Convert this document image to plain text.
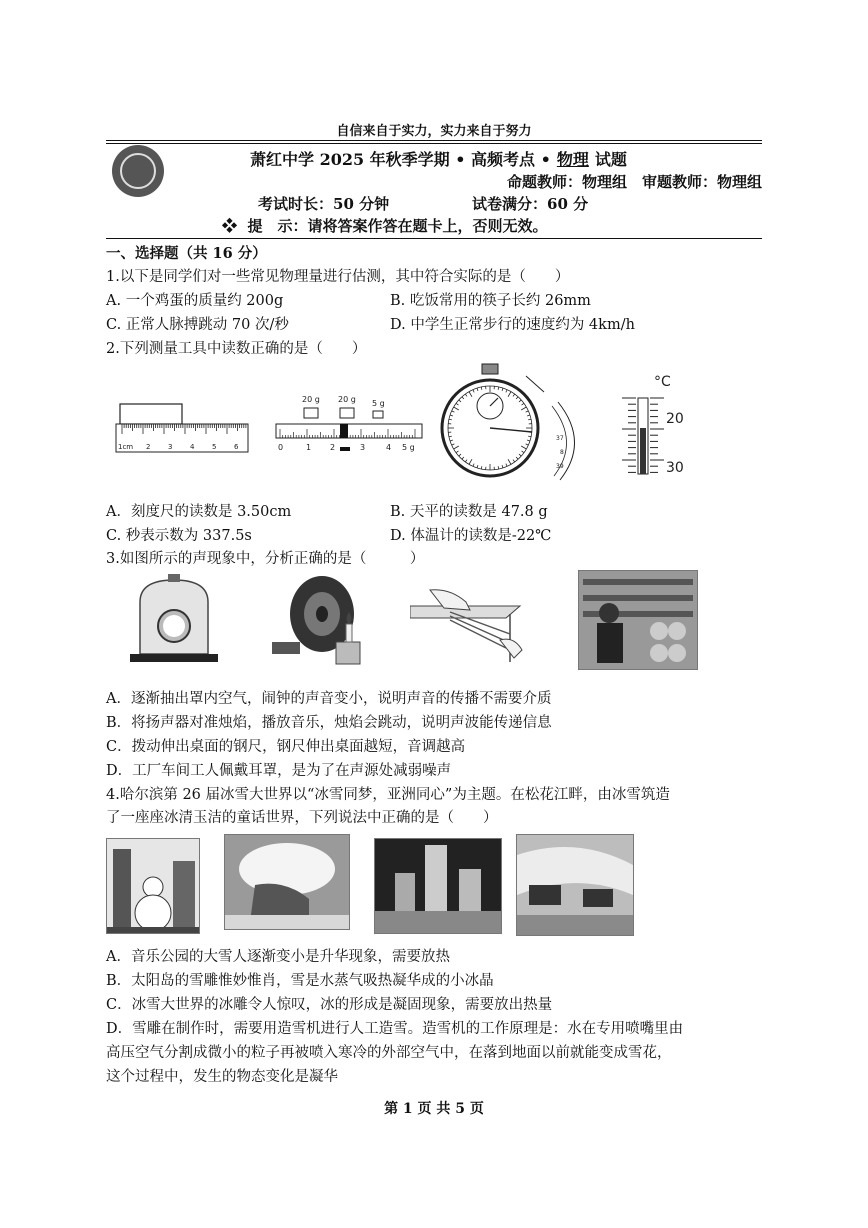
自信来自于实力，实力来自于努力
萧红中学 2025 年秋季学期 • 高频考点 • 物理 试题
命题教师：物理组　审题教师：物理组
考试时长：50 分钟	试卷满分：60 分
❖ 提　示：请将答案作答在题卡上，否则无效。
一、选择题（共 16 分）
1.以下是同学们对一些常见物理量进行估测，其中符合实际的是（　　）
A. 一个鸡蛋的质量约 200g	B. 吃饭常用的筷子长约 26mm
C. 正常人脉搏跳动 70 次/秒	D. 中学生正常步行的速度约为 4km/h
2.下列测量工具中读数正确的是（　　）
1cm 2	3	4	5	6
20 g 20 g 5 g
0	1 2	3	4 5 g
37
8
39
°C
20
30
A．刻度尺的读数是 3.50cm	B. 天平的读数是 47.8 g
C. 秒表示数为 337.5s	D. 体温计的读数是-22℃
3.如图所示的声现象中，分析正确的是（　　　）
A．逐渐抽出罩内空气，闹钟的声音变小，说明声音的传播不需要介质
B．将扬声器对准烛焰，播放音乐，烛焰会跳动，说明声波能传递信息
C．拨动伸出桌面的钢尺，钢尺伸出桌面越短，音调越高
D．工厂车间工人佩戴耳罩，是为了在声源处减弱噪声
4.哈尔滨第 26 届冰雪大世界以“冰雪同梦，亚洲同心”为主题。在松花江畔，由冰雪筑造
了一座座冰清玉洁的童话世界，下列说法中正确的是（　　）
A．音乐公园的大雪人逐渐变小是升华现象，需要放热
B．太阳岛的雪雕惟妙惟肖，雪是水蒸气吸热凝华成的小冰晶
C．冰雪大世界的冰雕令人惊叹，冰的形成是凝固现象，需要放出热量
D．雪雕在制作时，需要用造雪机进行人工造雪。造雪机的工作原理是：水在专用喷嘴里由
高压空气分割成微小的粒子再被喷入寒冷的外部空气中，在落到地面以前就能变成雪花，
这个过程中，发生的物态变化是凝华
第 1 页 共 5 页
